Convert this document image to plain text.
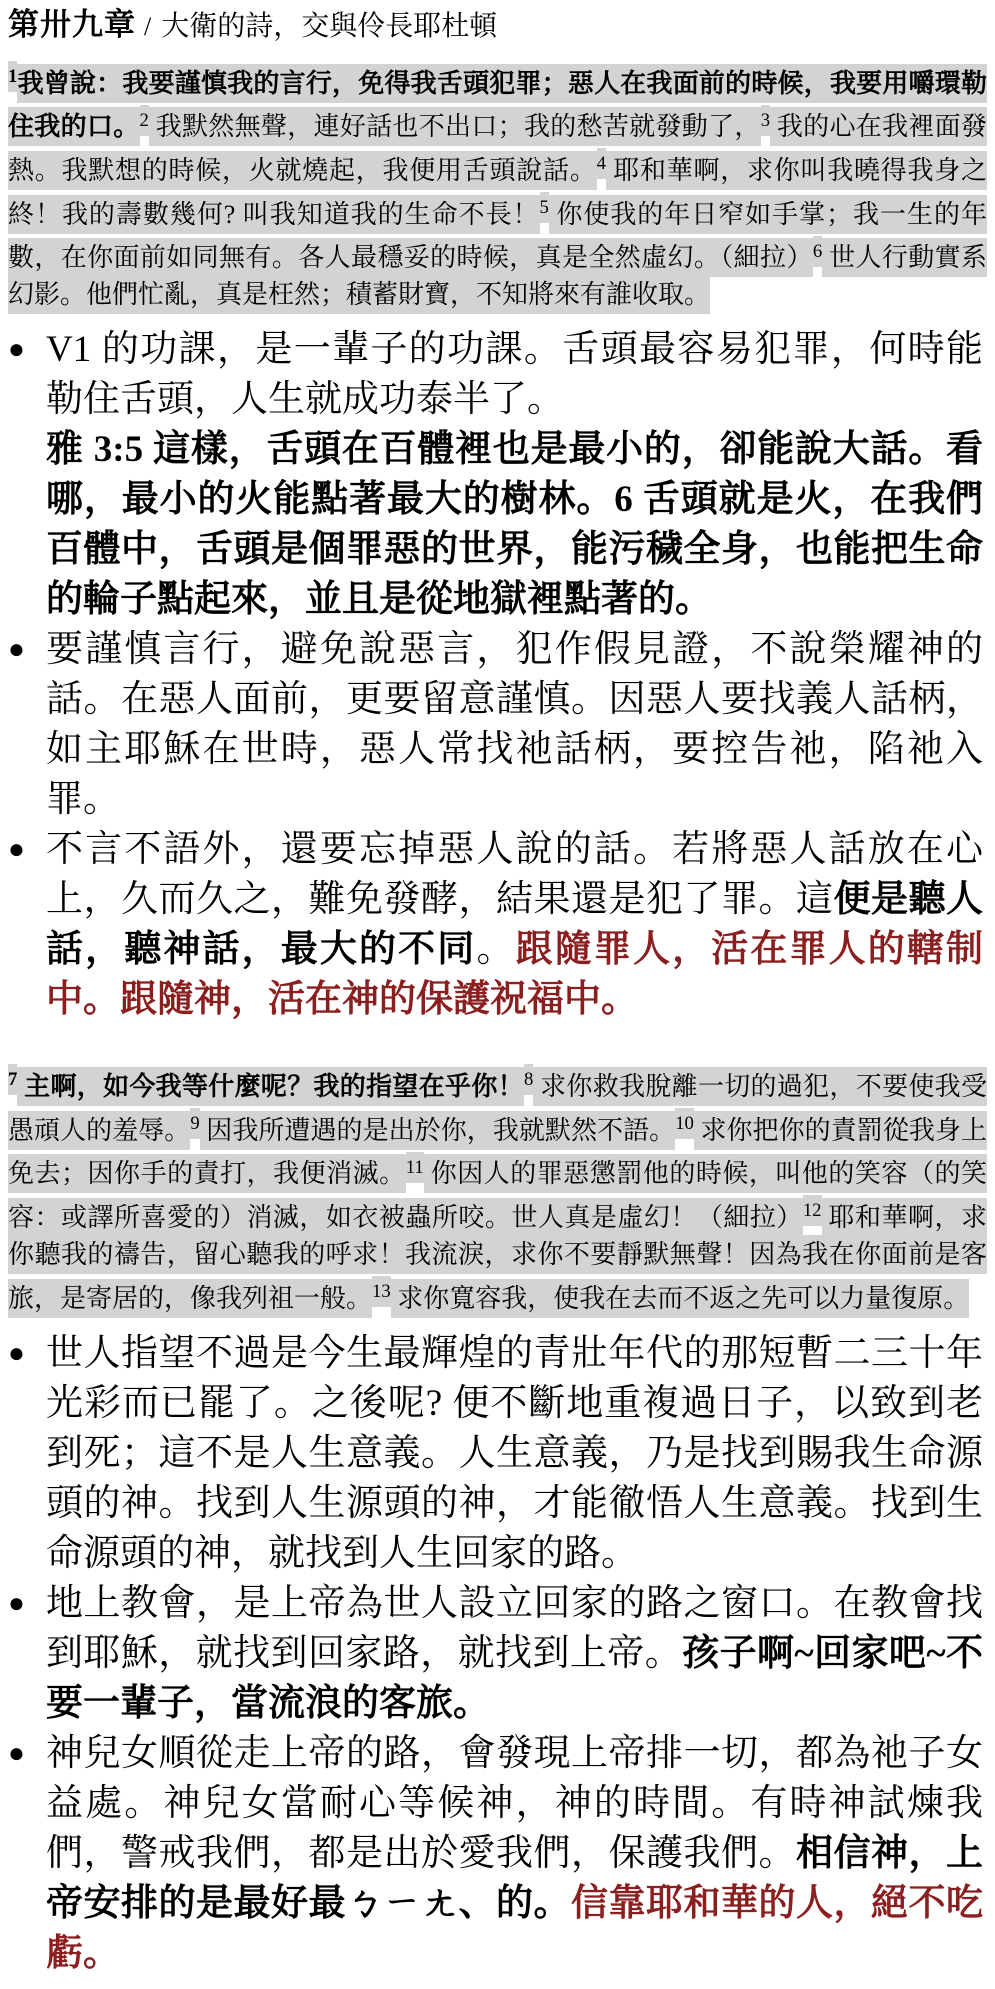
第卅九章 / 大衛的詩，交與伶長耶杜頓

$^1$我曾說：我要謹慎我的言行，免得我舌頭犯罪；惡人在我面前的時候，我要用嚼環勒住我的口。$^2$ 我默然無聲，連好話也不出口；我的愁苦就發動了，$^3$ 我的心在我裡面發熱。我默想的時候，火就燒起，我便用舌頭說話。$^4$ 耶和華啊，求你叫我曉得我身之終！我的壽數幾何? 叫我知道我的生命不長！$^5$ 你使我的年日窄如手掌；我一生的年數，在你面前如同無有。各人最穩妥的時候，真是全然虛幻。（細拉）$^6$ 世人行動實系幻影。他們忙亂，真是枉然；積蓄財寶，不知將來有誰收取。

● V1 的功課，是一輩子的功課。舌頭最容易犯罪，何時能勒住舌頭，人生就成功泰半了。

雅 3:5 這樣，舌頭在百體裡也是最小的，卻能說大話。看哪，最小的火能點著最大的樹林。6 舌頭就是火，在我們百體中，舌頭是個罪惡的世界，能污穢全身，也能把生命的輪子點起來，並且是從地獄裡點著的。

● 要謹慎言行，避免說惡言，犯作假見證，不說榮耀神的話。在惡人面前，更要留意謹慎。因惡人要找義人話柄，如主耶穌在世時，惡人常找祂話柄，要控告祂，陷祂入罪。

● 不言不語外，還要忘掉惡人說的話。若將惡人話放在心上，久而久之，難免發酵，結果還是犯了罪。這便是聽人話，聽神話，最大的不同。跟隨罪人，活在罪人的轄制中。跟隨神，活在神的保護祝福中。

$^7$ 主啊，如今我等什麼呢？我的指望在乎你！$^8$ 求你救我脫離一切的過犯，不要使我受愚頑人的羞辱。$^9$ 因我所遭遇的是出於你，我就默然不語。$^{10}$ 求你把你的責罰從我身上免去；因你手的責打，我便消滅。$^{11}$ 你因人的罪惡懲罰他的時候，叫他的笑容（的笑容：或譯所喜愛的）消滅，如衣被蟲所咬。世人真是虛幻！（細拉）$^{12}$ 耶和華啊，求你聽我的禱告，留心聽我的呼求！我流淚，求你不要靜默無聲！因為我在你面前是客旅，是寄居的，像我列祖一般。$^{13}$ 求你寬容我，使我在去而不返之先可以力量復原。

● 世人指望不過是今生最輝煌的青壯年代的那短暫二三十年光彩而已罷了。之後呢? 便不斷地重複過日子，以致到老到死；這不是人生意義。人生意義，乃是找到賜我生命源頭的神。找到人生源頭的神，才能徹悟人生意義。找到生命源頭的神，就找到人生回家的路。

● 地上教會，是上帝為世人設立回家的路之窗口。在教會找到耶穌，就找到回家路，就找到上帝。孩子啊~回家吧~不要一輩子，當流浪的客旅。

● 神兒女順從走上帝的路，會發現上帝排一切，都為祂子女益處。神兒女當耐心等候神，神的時間。有時神試煉我們，警戒我們，都是出於愛我們，保護我們。相信神，上帝安排的是最好最ㄅㄧㄤ、的。信靠耶和華的人，絕不吃虧。
